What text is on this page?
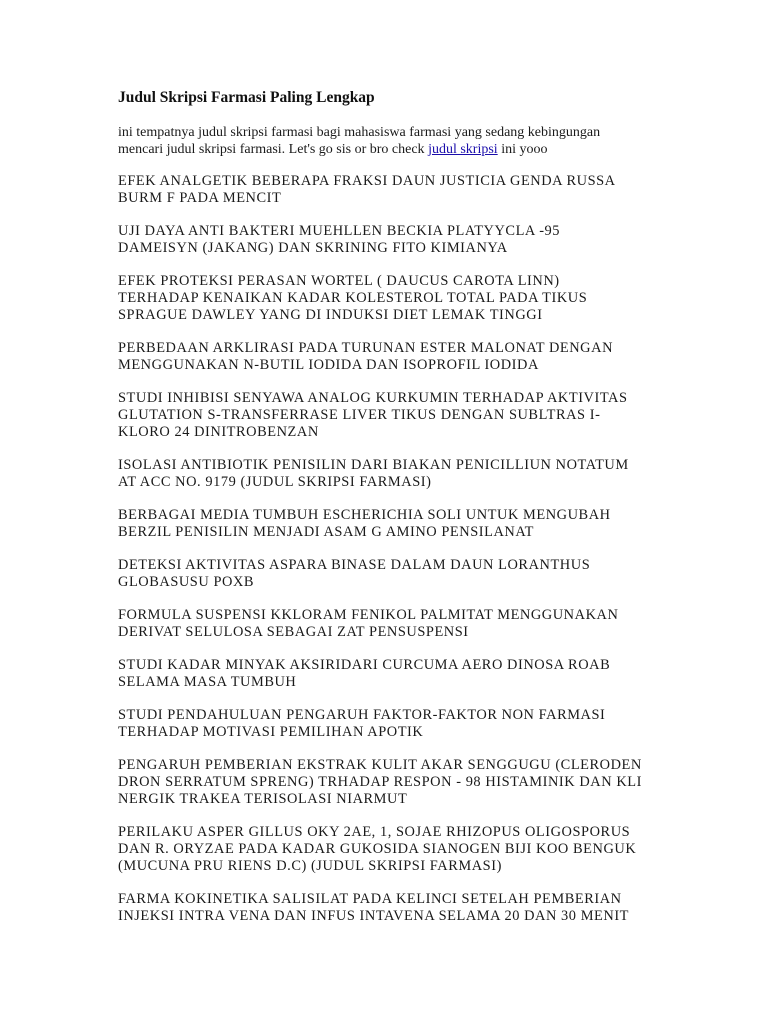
Judul Skripsi Farmasi Paling Lengkap

ini tempatnya judul skripsi farmasi bagi mahasiswa farmasi yang sedang kebingungan
mencari judul skripsi farmasi. Let's go sis or bro check judul skripsi ini yooo

EFEK ANALGETIK BEBERAPA FRAKSI DAUN JUSTICIA GENDA RUSSA
BURM F PADA MENCIT
UJI DAYA ANTI BAKTERI MUEHLLEN BECKIA PLATYYCLA -95
DAMEISYN (JAKANG) DAN SKRINING FITO KIMIANYA
EFEK PROTEKSI PERASAN WORTEL ( DAUCUS CAROTA LINN)
TERHADAP KENAIKAN KADAR KOLESTEROL TOTAL PADA TIKUS
SPRAGUE DAWLEY YANG DI INDUKSI DIET LEMAK TINGGI
PERBEDAAN ARKLIRASI PADA TURUNAN ESTER MALONAT DENGAN
MENGGUNAKAN N-BUTIL IODIDA DAN ISOPROFIL IODIDA
STUDI INHIBISI SENYAWA ANALOG KURKUMIN TERHADAP AKTIVITAS
GLUTATION S-TRANSFERRASE LIVER TIKUS DENGAN SUBLTRAS I-
KLORO 24 DINITROBENZAN
ISOLASI ANTIBIOTIK PENISILIN DARI BIAKAN PENICILLIUN NOTATUM
AT ACC NO. 9179 (JUDUL SKRIPSI FARMASI)
BERBAGAI MEDIA TUMBUH ESCHERICHIA SOLI UNTUK MENGUBAH
BERZIL PENISILIN MENJADI ASAM G AMINO PENSILANAT
DETEKSI AKTIVITAS ASPARA BINASE DALAM DAUN LORANTHUS
GLOBASUSU POXB
FORMULA SUSPENSI KKLORAM FENIKOL PALMITAT MENGGUNAKAN
DERIVAT SELULOSA SEBAGAI ZAT PENSUSPENSI
STUDI KADAR MINYAK AKSIRIDARI CURCUMA AERO DINOSA ROAB
SELAMA MASA TUMBUH
STUDI PENDAHULUAN PENGARUH FAKTOR-FAKTOR NON FARMASI
TERHADAP MOTIVASI PEMILIHAN APOTIK
PENGARUH PEMBERIAN EKSTRAK KULIT AKAR SENGGUGU (CLERODEN
DRON SERRATUM SPRENG) TRHADAP RESPON - 98 HISTAMINIK DAN KLI
NERGIK TRAKEA TERISOLASI NIARMUT
PERILAKU ASPER GILLUS OKY 2AE, 1, SOJAE RHIZOPUS OLIGOSPORUS
DAN R. ORYZAE PADA KADAR GUKOSIDA SIANOGEN BIJI KOO BENGUK
(MUCUNA PRU RIENS D.C) (JUDUL SKRIPSI FARMASI)
FARMA KOKINETIKA SALISILAT PADA KELINCI SETELAH PEMBERIAN
INJEKSI INTRA VENA DAN INFUS INTAVENA SELAMA 20 DAN 30 MENIT
